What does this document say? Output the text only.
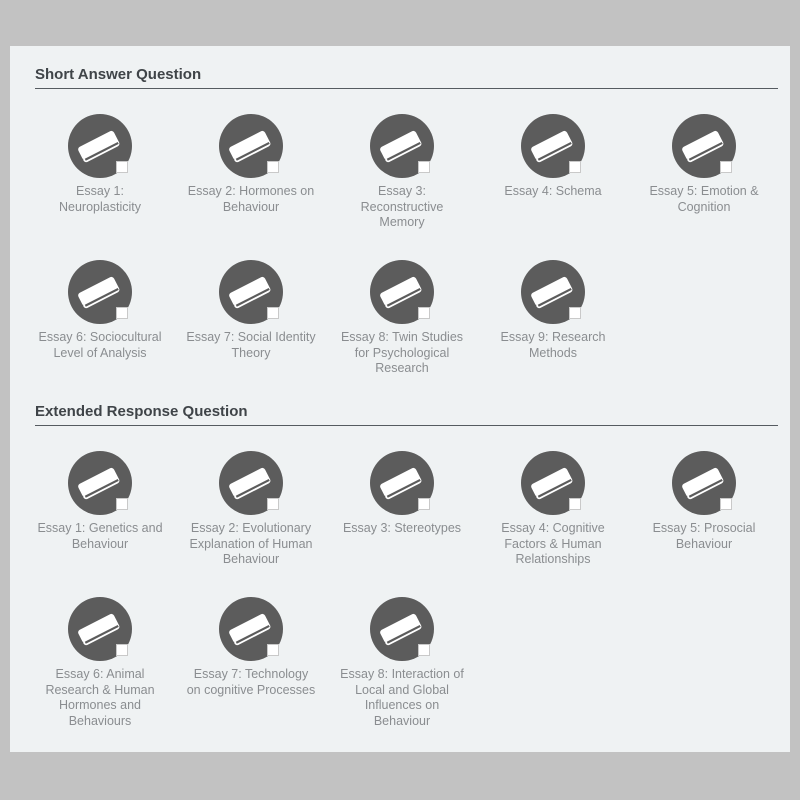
Short Answer Question
Essay 1: Neuroplasticity
Essay 2: Hormones on Behaviour
Essay 3: Reconstructive Memory
Essay 4: Schema	Essay 5: Emotion & Cognition
Essay 6: Sociocultural Level of Analysis
Essay 7: Social Identity Theory
Essay 8: Twin Studies for Psychological Research
Essay 9: Research Methods
Extended Response Question
Essay 1: Genetics and Behaviour
Essay 2: Evolutionary Explanation of Human Behaviour
Essay 3: Stereotypes	Essay 4: Cognitive Factors & Human Relationships
Essay 5: Prosocial Behaviour
Essay 6: Animal Research & Human Hormones and Behaviours
Essay 7: Technology on cognitive Processes
Essay 8: Interaction of Local and Global Influences on Behaviour
